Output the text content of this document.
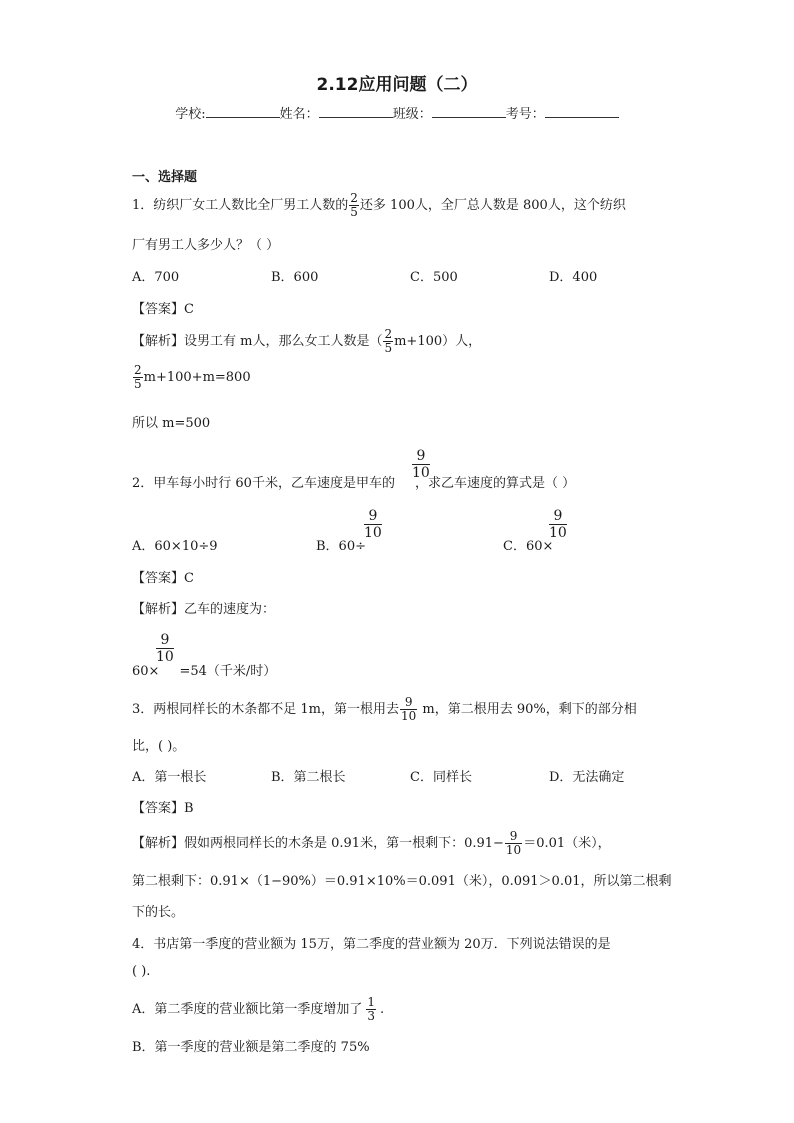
2.12应用问题（二）
学校:	姓名：	班级：	考号：
一、选择题
1．纺织厂女工人数比全厂男工人数的 $\frac{2}{5}$ 还多 100人，全厂总人数是 800人，这个纺织
厂有男工人多少人？（ ）
A．700	B．600	C．500	D．400
【答案】C
【解析】设男工有 m人，那么女工人数是（ $\frac{2}{5} m+100$）人，
$\frac{2}{5} m+100+m=800$
所以 m=500
$\frac{9}{10}$
2．甲车每小时行 60千米，乙车速度是甲车的 ，求乙车速度的算式是（ ）
A．60×10÷9
$\frac{9}{10}$
B．60÷
$\frac{9}{10}$
C．60×
【答案】C
【解析】乙车的速度为：
$\frac{9}{10}$
60× =54（千米/时）
3．两根同样长的木条都不足 1m，第一根用去 $\frac{9}{10}$ m，第二根用去 90%，剩下的部分相
比，( )。
A．第一根长	B．第二根长	C．同样长	D．无法确定
【答案】B
【解析】假如两根同样长的木条是 0.91米，第一根剩下：$0.91- \frac{9}{10} =0.01$（米），
第二根剩下：0.91×（1−90%）＝0.91×10%＝0.091（米），0.091＞0.01，所以第二根剩
下的长。
4．书店第一季度的营业额为 15万，第二季度的营业额为 20万．下列说法错误的是
( ).
A．第二季度的营业额比第一季度增加了 $\frac{1}{3}$ .
B．第一季度的营业额是第二季度的 75%
